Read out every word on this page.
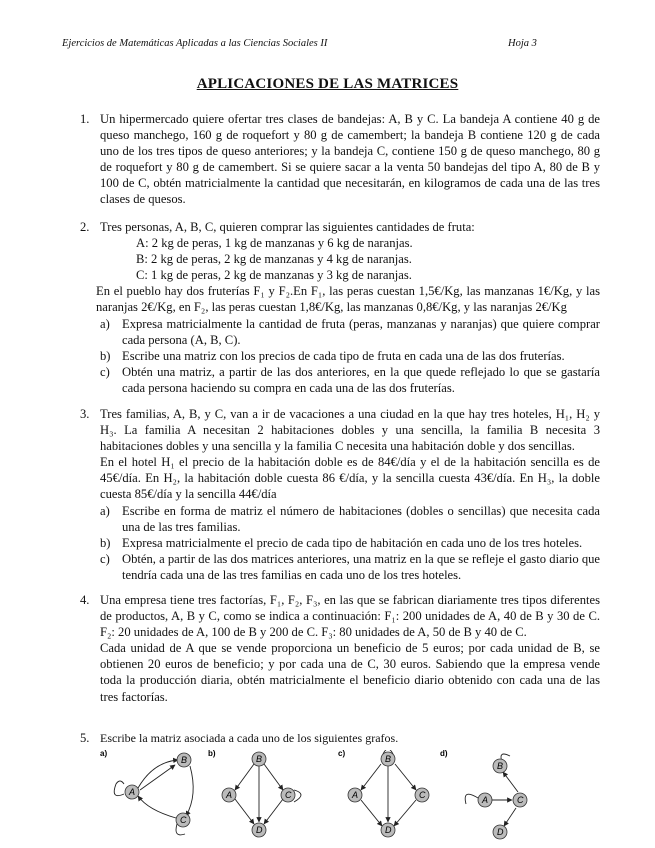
Ejercicios de Matemáticas Aplicadas a las Ciencias Sociales II	Hoja 3
APLICACIONES DE LAS MATRICES
1. Un hipermercado quiere ofertar tres clases de bandejas: A, B y C. La bandeja A contiene 40 g de queso manchego, 160 g de roquefort y 80 g de camembert; la bandeja B contiene 120 g de cada uno de los tres tipos de queso anteriores; y la bandeja C, contiene 150 g de queso manchego, 80 g de roquefort y 80 g de camembert. Si se quiere sacar a la venta 50 bandejas del tipo A, 80 de B y 100 de C, obtén matricialmente la cantidad que necesitarán, en kilogramos de cada una de las tres clases de quesos.
2. Tres personas, A, B, C, quieren comprar las siguientes cantidades de fruta:
A: 2 kg de peras, 1 kg de manzanas y 6 kg de naranjas.
B: 2 kg de peras, 2 kg de manzanas y 4 kg de naranjas.
C: 1 kg de peras, 2 kg de manzanas y 3 kg de naranjas.
En el pueblo hay dos fruterías F₁ y F₂.En F₁, las peras cuestan 1,5€/Kg, las manzanas 1€/Kg, y las naranjas 2€/Kg, en F₂, las peras cuestan 1,8€/Kg, las manzanas 0,8€/Kg, y las naranjas 2€/Kg
a) Expresa matricialmente la cantidad de fruta (peras, manzanas y naranjas) que quiere comprar cada persona (A, B, C).
b) Escribe una matriz con los precios de cada tipo de fruta en cada una de las dos fruterías.
c) Obtén una matriz, a partir de las dos anteriores, en la que quede reflejado lo que se gastaría cada persona haciendo su compra en cada una de las dos fruterías.
3. Tres familias, A, B, y C, van a ir de vacaciones a una ciudad en la que hay tres hoteles, H₁, H₂ y H₃. La familia A necesitan 2 habitaciones dobles y una sencilla, la familia B necesita 3 habitaciones dobles y una sencilla y la familia C necesita una habitación doble y dos sencillas.
En el hotel H₁ el precio de la habitación doble es de 84€/día y el de la habitación sencilla es de 45€/día. En H₂, la habitación doble cuesta 86 €/día, y la sencilla cuesta 43€/día. En H₃, la doble cuesta 85€/día y la sencilla 44€/día
a) Escribe en forma de matriz el número de habitaciones (dobles o sencillas) que necesita cada una de las tres familias.
b) Expresa matricialmente el precio de cada tipo de habitación en cada uno de los tres hoteles.
c) Obtén, a partir de las dos matrices anteriores, una matriz en la que se refleje el gasto diario que tendría cada una de las tres familias en cada uno de los tres hoteles.
4. Una empresa tiene tres factorías, F₁, F₂, F₃, en las que se fabrican diariamente tres tipos diferentes de productos, A, B y C, como se indica a continuación: F₁: 200 unidades de A, 40 de B y 30 de C. F₂: 20 unidades de A, 100 de B y 200 de C. F₃: 80 unidades de A, 50 de B y 40 de C.
Cada unidad de A que se vende proporciona un beneficio de 5 euros; por cada unidad de B, se obtienen 20 euros de beneficio; y por cada una de C, 30 euros. Sabiendo que la empresa vende toda la producción diaria, obtén matricialmente el beneficio diario obtenido con cada una de las tres factorías.
5. Escribe la matriz asociada a cada uno de los siguientes grafos.
A
B
C
A
B
C
D
A
B
C
D
A
B
C
D
a)	b)	c)	d)
